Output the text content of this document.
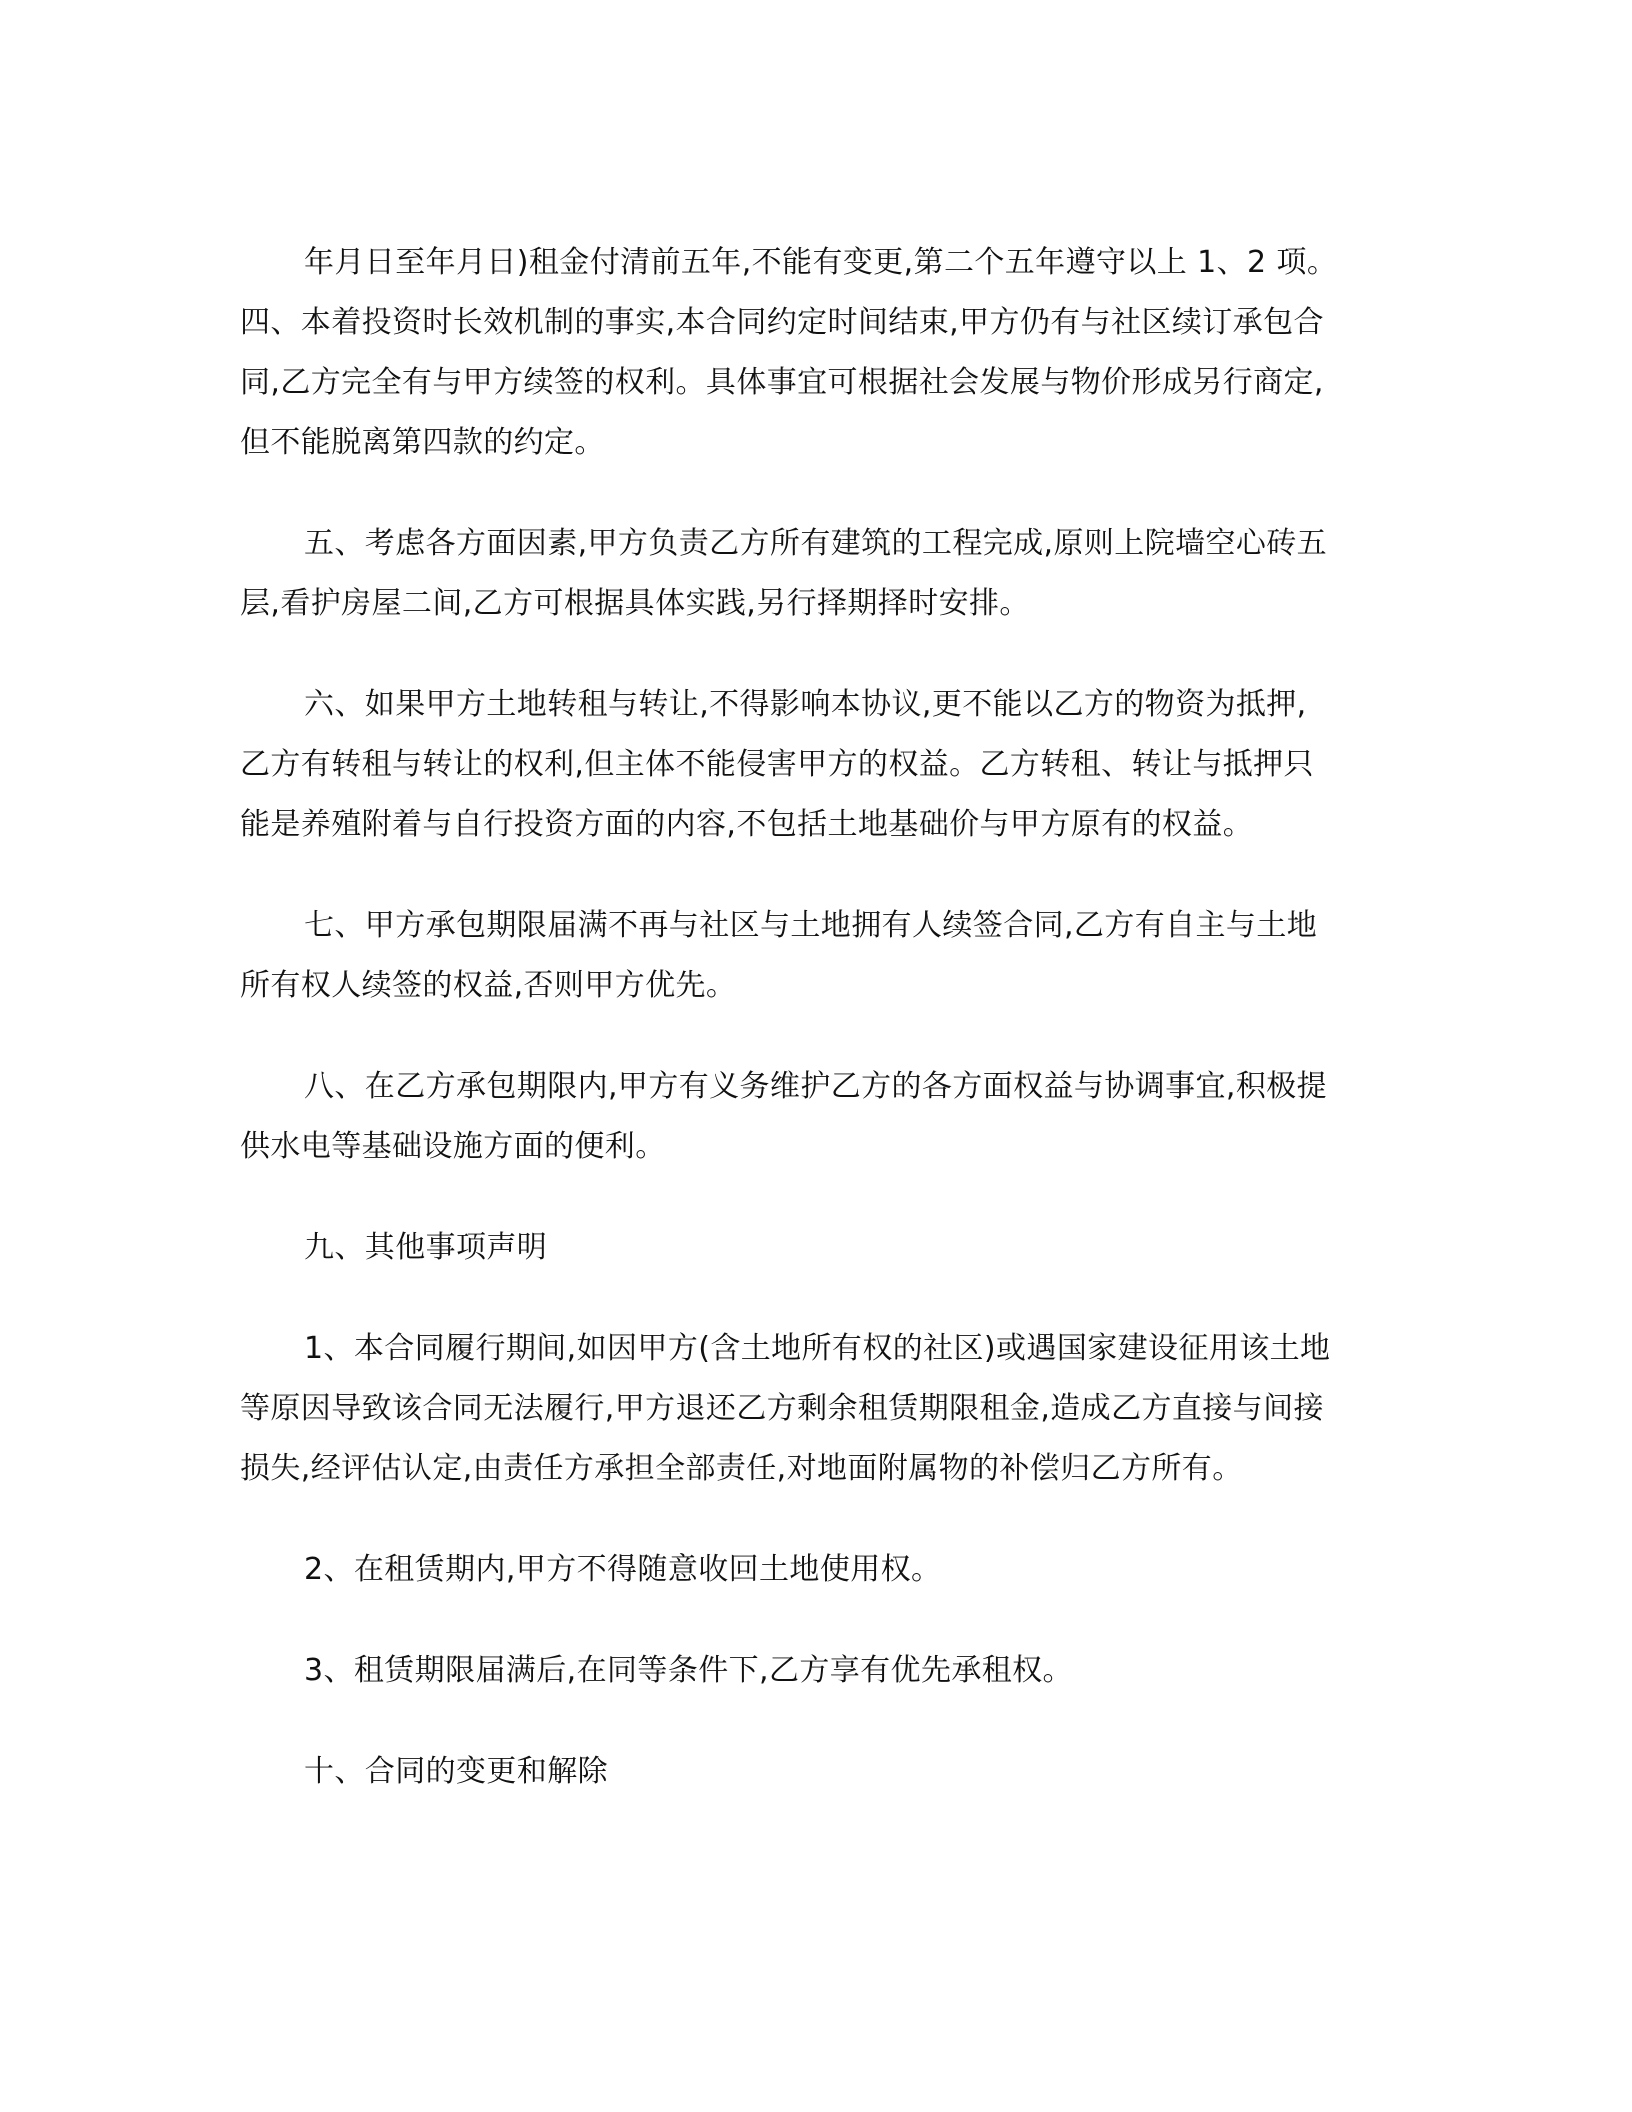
年月日至年月日)租金付清前五年,不能有变更,第二个五年遵守以上 1、2 项。
四、本着投资时长效机制的事实,本合同约定时间结束,甲方仍有与社区续订承包合
同,乙方完全有与甲方续签的权利。具体事宜可根据社会发展与物价形成另行商定,
但不能脱离第四款的约定。
五、考虑各方面因素,甲方负责乙方所有建筑的工程完成,原则上院墙空心砖五
层,看护房屋二间,乙方可根据具体实践,另行择期择时安排。
六、如果甲方土地转租与转让,不得影响本协议,更不能以乙方的物资为抵押,
乙方有转租与转让的权利,但主体不能侵害甲方的权益。乙方转租、转让与抵押只
能是养殖附着与自行投资方面的内容,不包括土地基础价与甲方原有的权益。
七、甲方承包期限届满不再与社区与土地拥有人续签合同,乙方有自主与土地
所有权人续签的权益,否则甲方优先。
八、在乙方承包期限内,甲方有义务维护乙方的各方面权益与协调事宜,积极提
供水电等基础设施方面的便利。
九、其他事项声明
1、本合同履行期间,如因甲方(含土地所有权的社区)或遇国家建设征用该土地
等原因导致该合同无法履行,甲方退还乙方剩余租赁期限租金,造成乙方直接与间接
损失,经评估认定,由责任方承担全部责任,对地面附属物的补偿归乙方所有。
2、在租赁期内,甲方不得随意收回土地使用权。
3、租赁期限届满后,在同等条件下,乙方享有优先承租权。
十、合同的变更和解除
